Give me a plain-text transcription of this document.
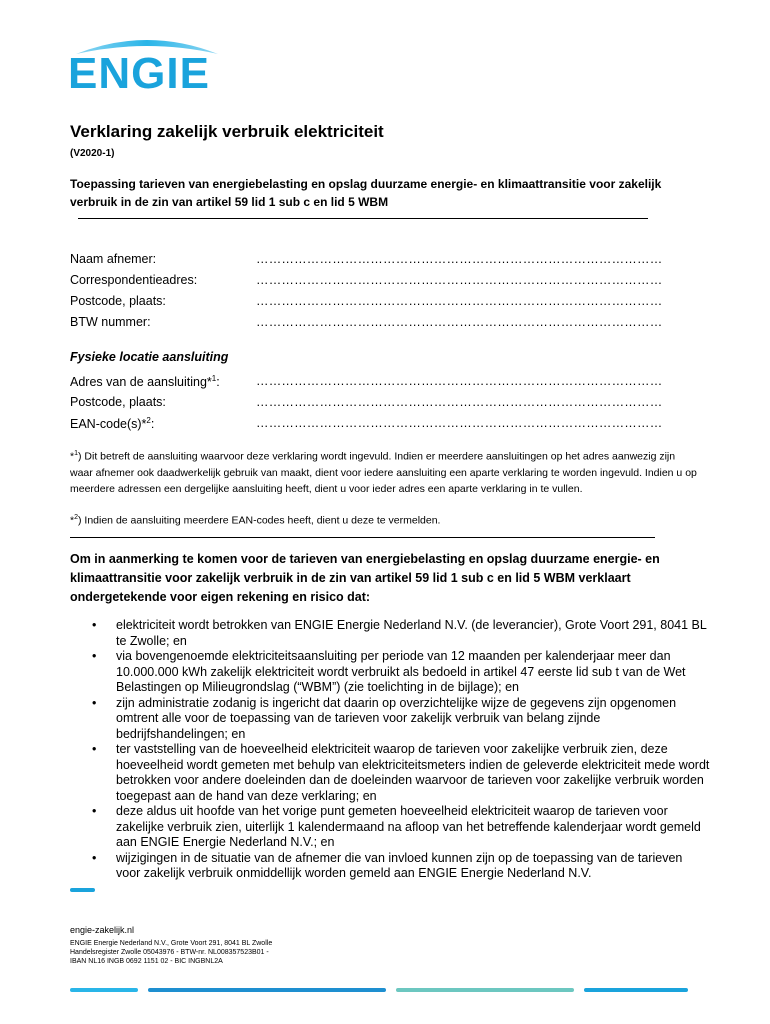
ENGIE
Verklaring zakelijk verbruik elektriciteit
(V2020-1)
Toepassing tarieven van energiebelasting en opslag duurzame energie- en klimaattransitie voor zakelijk verbruik in de zin van artikel 59 lid 1 sub c en lid 5 WBM
Naam afnemer:	……………………………………………………………………………………
Correspondentieadres:	……………………………………………………………………………………
Postcode, plaats:	……………………………………………………………………………………
BTW nummer:	……………………………………………………………………………………
Fysieke locatie aansluiting
Adres van de aansluiting*$^1$:	……………………………………………………………………………………
Postcode, plaats:	……………………………………………………………………………………
EAN-code(s)*$^2$:	……………………………………………………………………………………
*$^1$) Dit betreft de aansluiting waarvoor deze verklaring wordt ingevuld. Indien er meerdere aansluitingen op het adres aanwezig zijn waar afnemer ook daadwerkelijk gebruik van maakt, dient voor iedere aansluiting een aparte verklaring te worden ingevuld. Indien u op meerdere adressen een dergelijke aansluiting heeft, dient u voor ieder adres een aparte verklaring in te vullen.
*$^2$) Indien de aansluiting meerdere EAN-codes heeft, dient u deze te vermelden.
Om in aanmerking te komen voor de tarieven van energiebelasting en opslag duurzame energie- en klimaattransitie voor zakelijk verbruik in de zin van artikel 59 lid 1 sub c en lid 5 WBM verklaart ondergetekende voor eigen rekening en risico dat:
• elektriciteit wordt betrokken van ENGIE Energie Nederland N.V. (de leverancier), Grote Voort 291, 8041 BL te Zwolle; en
• via bovengenoemde elektriciteitsaansluiting per periode van 12 maanden per kalenderjaar meer dan 10.000.000 kWh zakelijk elektriciteit wordt verbruikt als bedoeld in artikel 47 eerste lid sub t van de Wet Belastingen op Milieugrondslag (“WBM”) (zie toelichting in de bijlage); en
• zijn administratie zodanig is ingericht dat daarin op overzichtelijke wijze de gegevens zijn opgenomen omtrent alle voor de toepassing van de tarieven voor zakelijk verbruik van belang zijnde bedrijfshandelingen; en
• ter vaststelling van de hoeveelheid elektriciteit waarop de tarieven voor zakelijke verbruik zien, deze hoeveelheid wordt gemeten met behulp van elektriciteitsmeters indien de geleverde elektriciteit mede wordt betrokken voor andere doeleinden dan de doeleinden waarvoor de tarieven voor zakelijke verbruik worden toegepast aan de hand van deze verklaring; en
• deze aldus uit hoofde van het vorige punt gemeten hoeveelheid elektriciteit waarop de tarieven voor zakelijke verbruik zien, uiterlijk 1 kalendermaand na afloop van het betreffende kalenderjaar wordt gemeld aan ENGIE Energie Nederland N.V.; en
• wijzigingen in de situatie van de afnemer die van invloed kunnen zijn op de toepassing van de tarieven voor zakelijk verbruik onmiddellijk worden gemeld aan ENGIE Energie Nederland N.V.
engie-zakelijk.nl
ENGIE Energie Nederland N.V., Grote Voort 291, 8041 BL Zwolle
Handelsregister Zwolle 05043976 - BTW-nr. NL008357523B01 -
IBAN NL16 INGB 0692 1151 02 - BIC INGBNL2A
